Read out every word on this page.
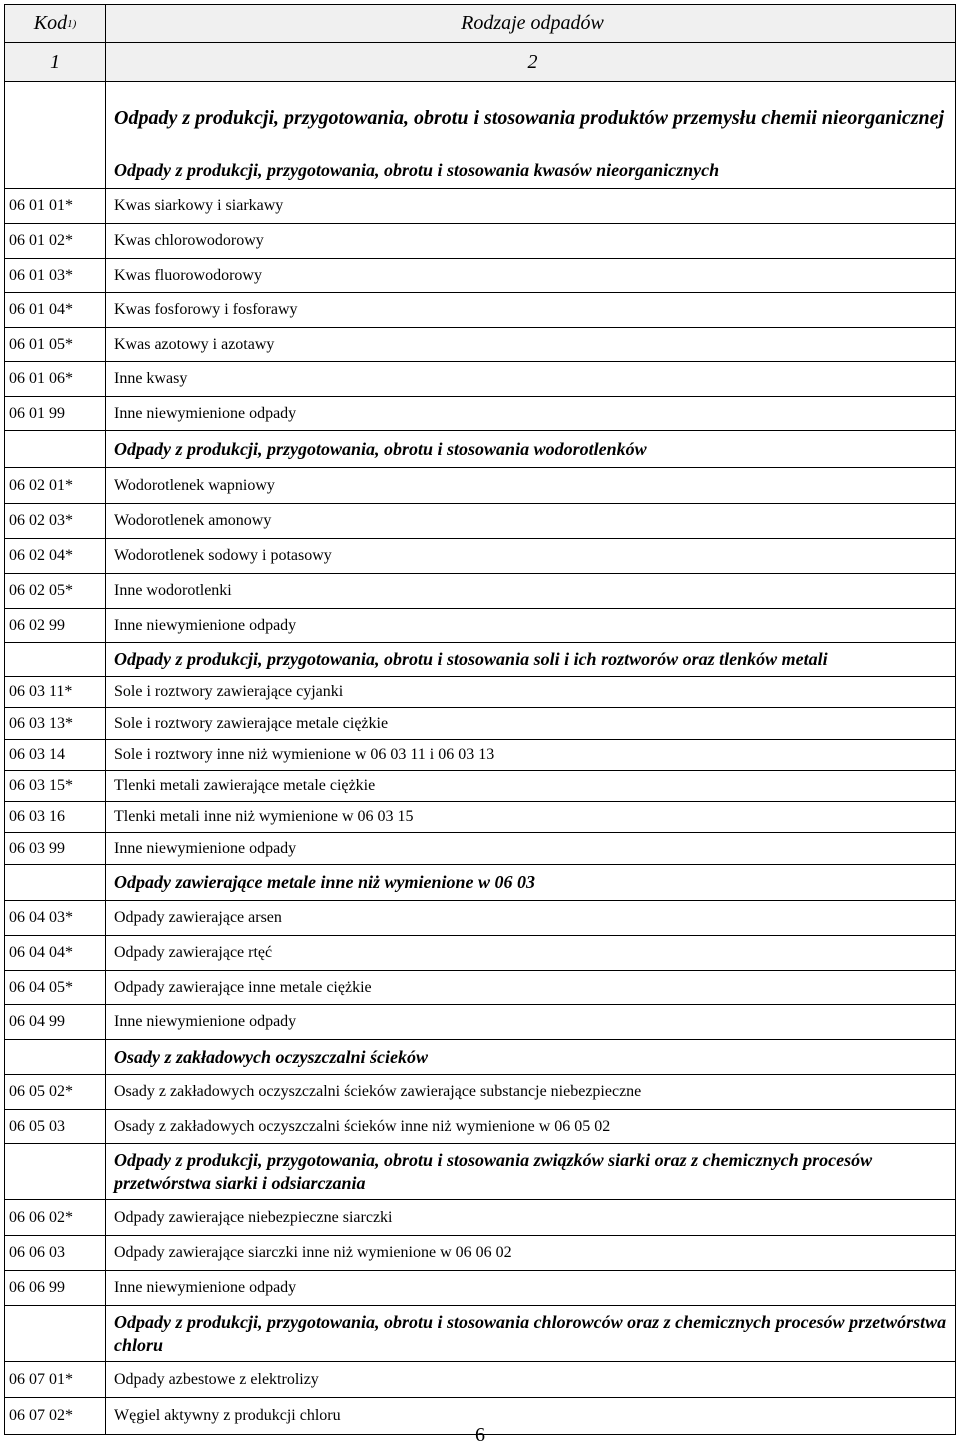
Kod 1)	Rodzaje odpadów
1	2
Odpady z produkcji, przygotowania, obrotu i stosowania produktów przemysłu chemii nieorganicznej
Odpady z produkcji, przygotowania, obrotu i stosowania kwasów nieorganicznych
06 01 01*	Kwas siarkowy i siarkawy
06 01 02*	Kwas chlorowodorowy
06 01 03*	Kwas fluorowodorowy
06 01 04*	Kwas fosforowy i fosforawy
06 01 05*	Kwas azotowy i azotawy
06 01 06*	Inne kwasy
06 01 99	Inne niewymienione odpady
Odpady z produkcji, przygotowania, obrotu i stosowania wodorotlenków
06 02 01*	Wodorotlenek wapniowy
06 02 03*	Wodorotlenek amonowy
06 02 04*	Wodorotlenek sodowy i potasowy
06 02 05*	Inne wodorotlenki
06 02 99	Inne niewymienione odpady
Odpady z produkcji, przygotowania, obrotu i stosowania soli i ich roztworów oraz tlenków metali
06 03 11*	Sole i roztwory zawierające cyjanki
06 03 13*	Sole i roztwory zawierające metale ciężkie
06 03 14	Sole i roztwory inne niż wymienione w 06 03 11 i 06 03 13
06 03 15*	Tlenki metali zawierające metale ciężkie
06 03 16	Tlenki metali inne niż wymienione w 06 03 15
06 03 99	Inne niewymienione odpady
Odpady zawierające metale inne niż wymienione w 06 03
06 04 03*	Odpady zawierające arsen
06 04 04*	Odpady zawierające rtęć
06 04 05*	Odpady zawierające inne metale ciężkie
06 04 99	Inne niewymienione odpady
Osady z zakładowych oczyszczalni ścieków
06 05 02*	Osady z zakładowych oczyszczalni ścieków zawierające substancje niebezpieczne
06 05 03	Osady z zakładowych oczyszczalni ścieków inne niż wymienione w 06 05 02
Odpady z produkcji, przygotowania, obrotu i stosowania związków siarki oraz z chemicznych procesów przetwórstwa siarki i odsiarczania
06 06 02*	Odpady zawierające niebezpieczne siarczki
06 06 03	Odpady zawierające siarczki inne niż wymienione w 06 06 02
06 06 99	Inne niewymienione odpady
Odpady z produkcji, przygotowania, obrotu i stosowania chlorowców oraz z chemicznych procesów przetwórstwa chloru
06 07 01*	Odpady azbestowe z elektrolizy
06 07 02*	Węgiel aktywny z produkcji chloru
6
